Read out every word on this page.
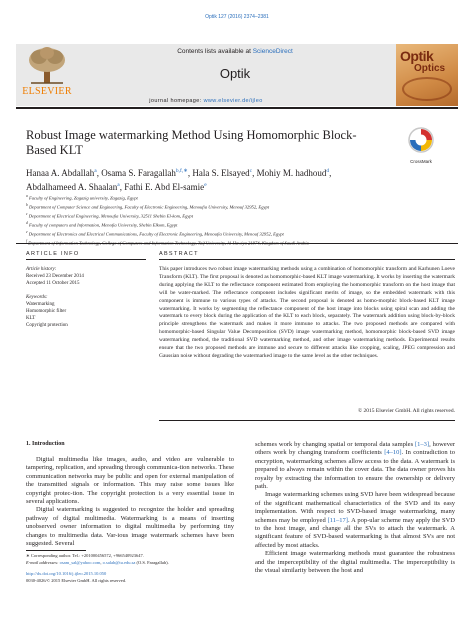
Optik 127 (2016) 2374–2381
ELSEVIER
Contents lists available at ScienceDirect
Optik
Optik
Optics
journal homepage: www.elsevier.de/ijleo
Robust Image watermarking Method Using Homomorphic Block-Based KLT
CrossMark
Hanaa A. Abdallah$^a$, Osama S. Faragallah$^{b,f,∗}$, Hala S. Elsayed$^c$, Mohiy M. hadhoud$^d$,
Abdalhameed A. Shaalan$^a$, Fathi E. Abd El-samie$^e$
$^a$ Faculty of Engineering, Zagazig university, Zagazig, Egypt
$^b$ Department of Computer Science and Engineering, Faculty of Electronic Engineering, Menoufia University, Menouf 32952, Egypt
$^c$ Department of Electrical Engineering, Menoufia University, 32511 Shebin El-kom, Egypt
$^d$ Faculty of computers and Information, Menofia University, Shebin Elkom, Egypt
$^e$ Department of Electronics and Electrical Communications, Faculty of Electronic Engineering, Menoufia University, Menouf 32952, Egypt
$^f$
ARTICLE INFO	ABSTRACT
Article history:
Received 23 December 2014
Accepted 11 October 2015
Keywords:
Watermarking
Homomorphic filter
KLT
Copyright protection
This paper introduces two robust image watermarking methods using a combination of homomorphic transform and Karhunen Loeve Transform (KLT). The first proposal is denoted as homomorphic-based KLT image watermarking. It works by inserting the watermark during applying the KLT to the reflectance component estimated from employing the homomorphic transform on the host image that will be water-marked. The reflectance component includes significant merits of image, so the embedded watermark with this component is immune to various types of attacks. The second proposal is denoted as homo-morphic block-based KLT image watermarking. It works by segmenting the reflectance component of the host image into blocks using spiral scan and adding the watermark to every block during the application of the KLT to each block, separately. The watermark addition using block-by-block principle strengthens the watermark and makes it more immune to attacks. The two proposed methods are compared with homomorphic-based Singular Value Decomposition (SVD) image watermarking method, homomorphic block-based SVD image watermarking method, the traditional SVD watermarking method, and other image watermarking methods. Experimental results ensure that the two proposed methods are immune and secure to different attacks like cropping, scaling, JPEG compression and Gaussian noise without degrading the watermarked image to the same level as the other techniques.
© 2015 Elsevier GmbH. All rights reserved.
1. Introduction

Digital multimedia like images, audio, and video are vulnerable to tampering, replication, and spreading through communica-tion networks. These communication networks may be public and open for external manipulation of the transmitted signals or information. This may raise some issues like copyright protec-tion. The copyright protection is a very essential issue in several applications.

Digital watermarking is suggested to recognize the holder and spreading pathway of digital multimedia. Watermarking is a means of inserting unobserved owner information to digital multimedia by performing tiny changes to multimedia data. Var-ious image watermark schemes have been suggested. Several

schemes work by changing spatial or temporal data samples [1–3], however others work by changing transform coefficients [4–10]. In contradiction to encryption, watermarking schemes allow access to the data. A watermark is prepared to always remain within the cover data. The data owner proves his royalty by extracting the information to ensure the ownership or delivery path.

Image watermarking schemes using SVD have been widespread because of the significant mathematical characteristics of the SVD and its easy implementation. With respect to SVD-based image watermarking, many schemes may be employed [11–17]. A pop-ular scheme may apply the SVD to the host image, and change all the SVs to attach the watermark. A significant feature of SVD-based watermarking is that almost SVs are not affected by most attacks.

Efficient image watermarking methods must guarantee the robustness and the imperceptibility of the digital multimedia. The imperceptibility is the visual similarity between the host and

∗ Corresponding author. Tel.: +201000456572, +966540923647.
E-mail addresses: osam_sal@yahoo.com, o.salah@tu.edu.sa (O.S. Faragallah).
http://dx.doi.org/10.1016/j.ijleo.2015.10.050
0030-4026/© 2015 Elsevier GmbH. All rights reserved.
